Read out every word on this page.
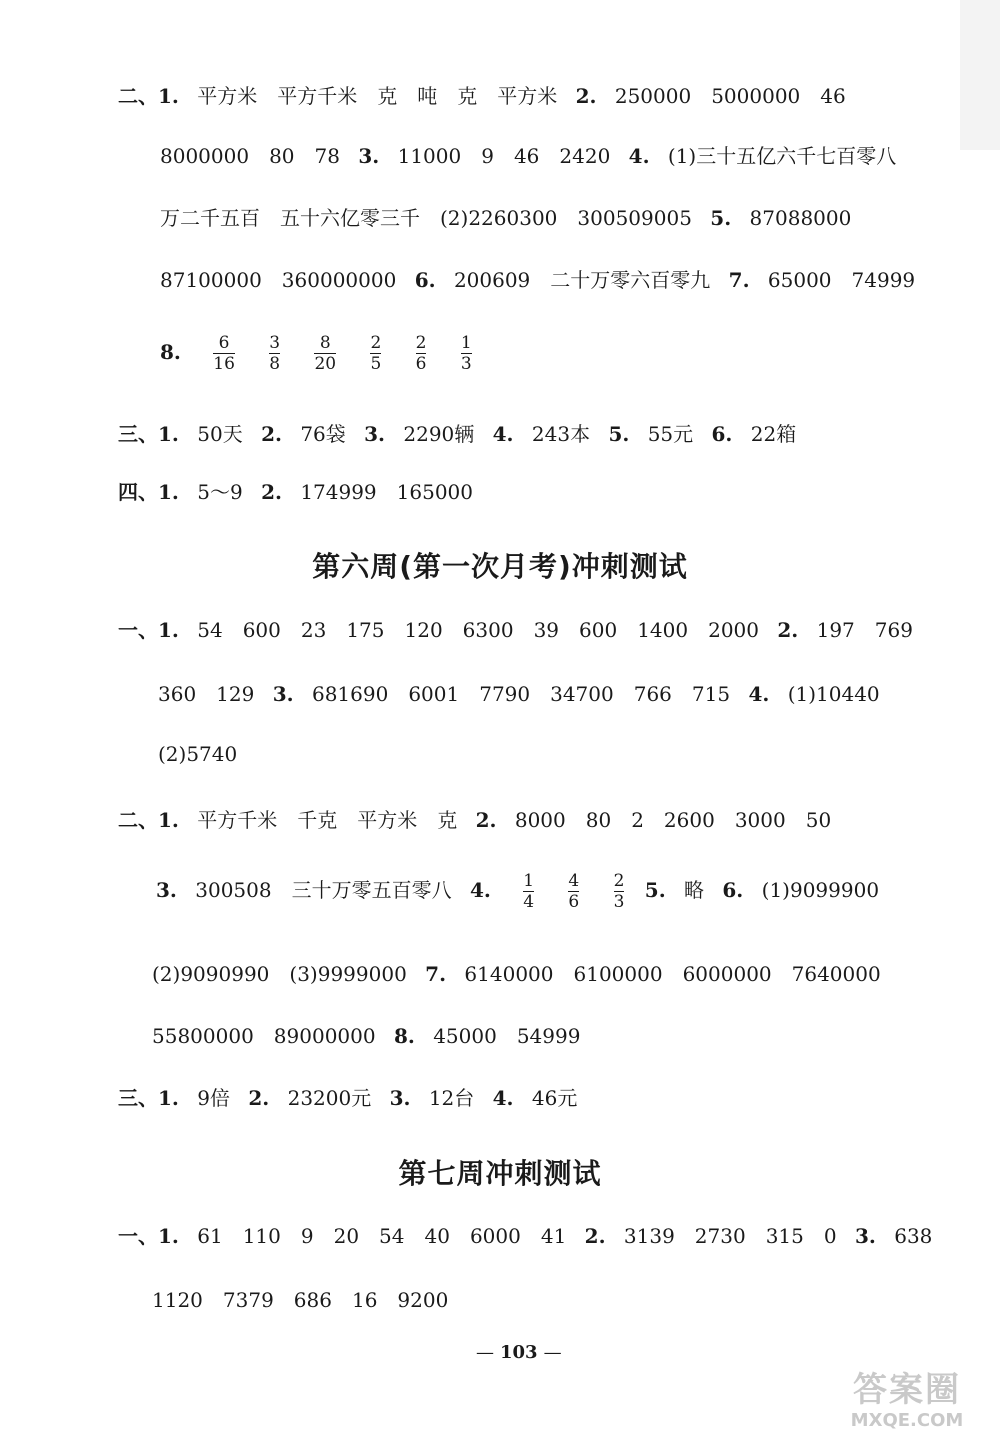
二、1. 平方米　平方千米　克　吨　克　平方米 2. 250000　5000000　46
8000000　80　78 3. 11000　9　46　2420 4. (1)三十五亿六千七百零八
万二千五百　五十六亿零三千　(2)2260300　300509005 5. 87088000
87100000　360000000 6. 200609　二十万零六百零九 7. 65000　74999
8. $\frac{6}{16}$
$\frac{3}{8}$
$\frac{8}{20}$
$\frac{2}{5}$
$\frac{2}{6}$
$\frac{1}{3}$
三、1. 50天 2. 76袋 3. 2290辆 4. 243本 5. 55元 6. 22箱
四、1. 5～9 2. 174999　165000
第六周(第一次月考)冲刺测试
一、1. 54　600　23　175　120　6300　39　600　1400　2000 2. 197　769
360　129 3. 681690　6001　7790　34700　766　715 4. (1)10440
(2)5740
二、1. 平方千米　千克　平方米　克 2. 8000　80　2　2600　3000　50
3. 300508　三十万零五百零八 4. $\frac{1}{4}$
$\frac{4}{6}$
$\frac{2}{3} 5$. 略 6. (1)9099900
(2)9090990　(3)9999000 7. 6140000　6100000　6000000　7640000
55800000　89000000 8. 45000　54999
三、1. 9倍 2. 23200元 3. 12台 4. 46元
第七周冲刺测试
一、1. 61　110　9　20　54　40　6000　41 2. 3139　2730　315　0 3. 638
1120　7379　686　16　9200
— 103 —
答案圈
MXQE.COM
